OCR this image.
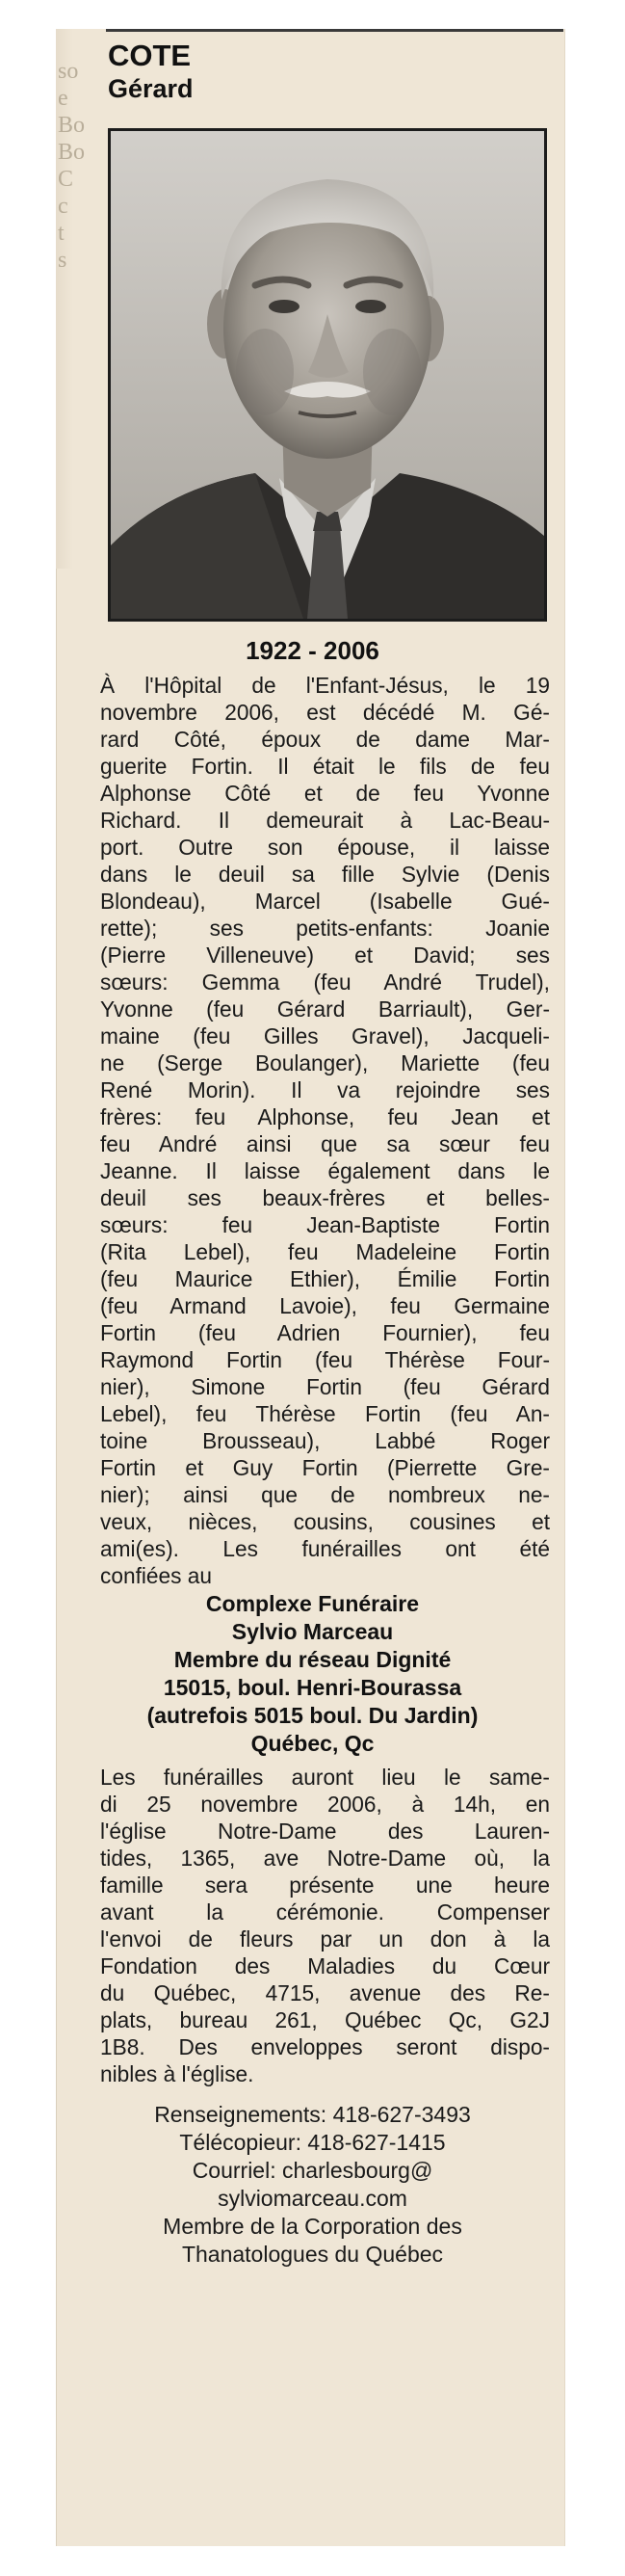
so
e
Bo
Bo
C
c
t
s
COTE
Gérard
1922 - 2006
À l'Hôpital de l'Enfant-Jésus, le 19
novembre 2006, est décédé M. Gé-
rard Côté, époux de dame Mar-
guerite Fortin. Il était le fils de feu
Alphonse Côté et de feu Yvonne
Richard. Il demeurait à Lac-Beau-
port. Outre son épouse, il laisse
dans le deuil sa fille Sylvie (Denis
Blondeau), Marcel (Isabelle Gué-
rette); ses petits-enfants: Joanie
(Pierre Villeneuve) et David; ses
sœurs: Gemma (feu André Trudel),
Yvonne (feu Gérard Barriault), Ger-
maine (feu Gilles Gravel), Jacqueli-
ne (Serge Boulanger), Mariette (feu
René Morin). Il va rejoindre ses
frères: feu Alphonse, feu Jean et
feu André ainsi que sa sœur feu
Jeanne. Il laisse également dans le
deuil ses beaux-frères et belles-
sœurs: feu Jean-Baptiste Fortin
(Rita Lebel), feu Madeleine Fortin
(feu Maurice Ethier), Émilie Fortin
(feu Armand Lavoie), feu Germaine
Fortin (feu Adrien Fournier), feu
Raymond Fortin (feu Thérèse Four-
nier), Simone Fortin (feu Gérard
Lebel), feu Thérèse Fortin (feu An-
toine Brousseau), Labbé Roger
Fortin et Guy Fortin (Pierrette Gre-
nier); ainsi que de nombreux ne-
veux, nièces, cousins, cousines et
ami(es). Les funérailles ont été
confiées au
Complexe Funéraire
Sylvio Marceau
Membre du réseau Dignité
15015, boul. Henri-Bourassa
(autrefois 5015 boul. Du Jardin)
Québec, Qc
Les funérailles auront lieu le same-
di 25 novembre 2006, à 14h, en
l'église Notre-Dame des Lauren-
tides, 1365, ave Notre-Dame où, la
famille sera présente une heure
avant la cérémonie. Compenser
l'envoi de fleurs par un don à la
Fondation des Maladies du Cœur
du Québec, 4715, avenue des Re-
plats, bureau 261, Québec Qc, G2J
1B8. Des enveloppes seront dispo-
nibles à l'église.
Renseignements: 418-627-3493
Télécopieur: 418-627-1415
Courriel: charlesbourg@
sylviomarceau.com
Membre de la Corporation des
Thanatologues du Québec
